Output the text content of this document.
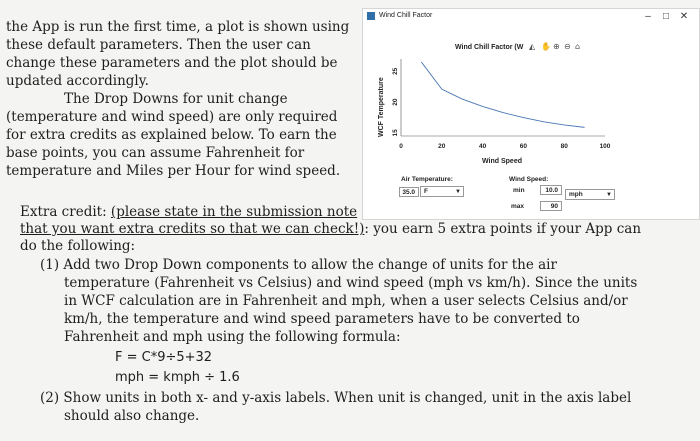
the App is run the first time, a plot is shown using
these default parameters. Then the user can
change these parameters and the plot should be
updated accordingly.
The Drop Downs for unit change
(temperature and wind speed) are only required
for extra credits as explained below. To earn the
base points, you can assume Fahrenheit for
temperature and Miles per Hour for wind speed.
Extra credit: (please state in the submission note
that you want extra credits so that we can check!): you earn 5 extra points if your App can
do the following:
(1) Add two Drop Down components to allow the change of units for the air
temperature (Fahrenheit vs Celsius) and wind speed (mph vs km/h). Since the units
in WCF calculation are in Fahrenheit and mph, when a user selects Celsius and/or
km/h, the temperature and wind speed parameters have to be converted to
Fahrenheit and mph using the following formula:
F = C*9÷5+32
mph = kmph ÷ 1.6
(2) Show units in both x- and y-axis labels. When unit is changed, unit in the axis label
should also change.
Wind Chill Factor	–	□	✕
Wind Chill Factor (W ◭ ✋ ⊕ ⊖ ⌂
WCF Temperature
Wind Speed
0	20	40	60	80	100
15
20
25
Air Temperature:
35.0	F	▼
Wind Speed:
min	10.0
max	90
mph	▼
